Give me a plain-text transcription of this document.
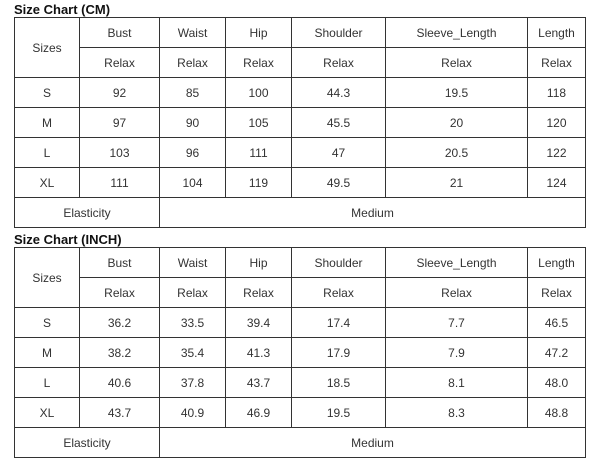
Size Chart (CM)
Sizes	Bust	Waist	Hip	Shoulder	Sleeve_Length	Length
	Relax	Relax	Relax	Relax	Relax	Relax
S	92	85	100	44.3	19.5	118
M	97	90	105	45.5	20	120
L	103	96	111	47	20.5	122
XL	111	104	119	49.5	21	124
Elasticity		Medium				
Size Chart (INCH)
Sizes	Bust	Waist	Hip	Shoulder	Sleeve_Length	Length
	Relax	Relax	Relax	Relax	Relax	Relax
S	36.2	33.5	39.4	17.4	7.7	46.5
M	38.2	35.4	41.3	17.9	7.9	47.2
L	40.6	37.8	43.7	18.5	8.1	48.0
XL	43.7	40.9	46.9	19.5	8.3	48.8
Elasticity		Medium				
